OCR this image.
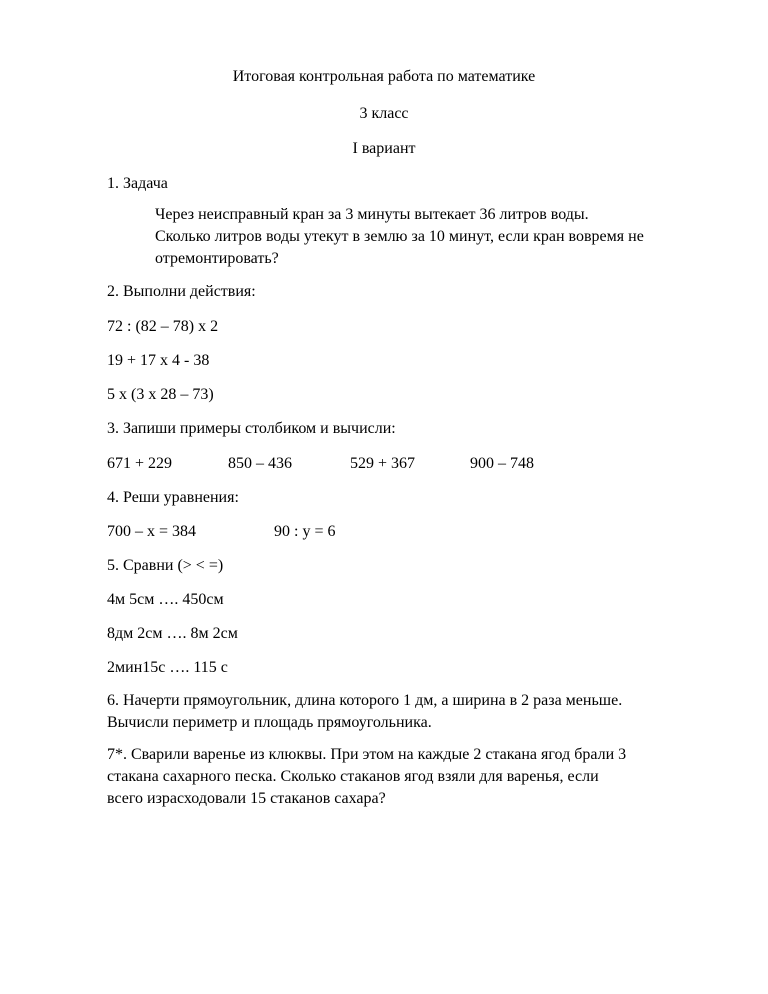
Итоговая контрольная работа по математике
3 класс
I вариант
1. Задача
Через неисправный кран за 3 минуты вытекает 36 литров воды.
Сколько литров воды утекут в землю за 10 минут, если кран вовремя не
отремонтировать?
2. Выполни действия:
72 : (82 – 78) х 2
19 + 17 х 4 - 38
5 х (3 х 28 – 73)
3. Запиши примеры столбиком и вычисли:
671 + 229	850 – 436	529 + 367	900 – 748
4. Реши уравнения:
700 – х = 384	90 : у = 6
5. Сравни (> < =)
4м 5см …. 450см
8дм 2см …. 8м 2см
2мин15с …. 115 с
6. Начерти прямоугольник, длина которого 1 дм, а ширина в 2 раза меньше.
Вычисли периметр и площадь прямоугольника.
7*. Сварили варенье из клюквы. При этом на каждые 2 стакана ягод брали 3
стакана сахарного песка. Сколько стаканов ягод взяли для варенья, если
всего израсходовали 15 стаканов сахара?
